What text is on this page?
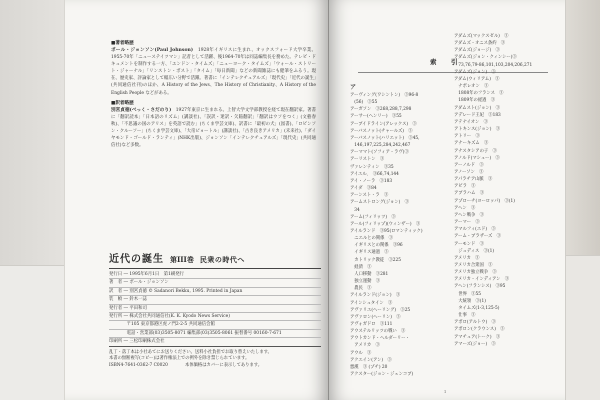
■著者略歴
ポール・ジョンソン(Paul Johnson)　 1928年イギリスに生まれ、オックスフォード大学卒業。1955-70年「ニューステイツマン」記者として活躍、後1964-70年は同誌編集長を務めた。テレビ・ドキュメントを制作する一方、「エンドン・タイムズ」「ニューヨーク・タイムズ」「ウォール・ストリート・ジャーナル」「リンストン・ポスト」「タイム」「毎日新聞」などの新聞雑誌にも健筆をふるう。現在、歴史家、評論家として幅広い分野で活躍。著書に「インテレクチュアルズ」「現代史」「近代の誕生」(共同通信社刊)のほか、A History of the Jews、The History of Christianity、A History of the English People などがある。
■訳者略歴
別宮貞徳(べっく・さだのり)　 1927年東京に生まれる。上智大学文学部教授を経て現在翻訳家。著書に「翻訳読本」「日本語のリズム」(講談社)、「誤訳・迷訳・欠陥翻訳」「翻訳はウソをつく」(文藝春秋)、「不思議の国のアリス」を英語で読む」(ちくま学芸文庫)、訳書に「最初の犬」(図書)、「ロビンソン・クルーソー」(ちくま学芸文庫)、「大帝ピョートル」(講談社)、「古き良きアメリカ」(未来社)、「ダイヤモンド・ゴールド・ランティ」(NHK出版)、ジョンソン「インテレクチュアルズ」「現代史」(共同通信社)など多数。
近代の誕生 第III巻 民衆の時代へ
発行日 ― 1995年6月1日　第1刷発行
著　者 ― ポール・ジョンソン
訳　者 ― 別宮貞徳 © Sadanori Bekku, 1995. Printed in Japan
装　幀 ― 鈴木一誌
発行者 ― 平田和司
発行所 ― 株式会社共同通信社(K. K. Kyodo News Service)
　　　　〒105 東京都港区虎ノ門2-2-5 共同通信会館
　　　　電話・営業部(03)3505-8071 編集部(03)3505-8061 振替番号 00160-7-671
印刷所 ― 三松印刷株式会社
乱丁・落丁本は小社あてにお送りください。送料小社負担でお取り替えいたします。
本書の無断複写(コピー)は著作権法上での例外を除き禁じられています。
ISBN4-7641-0362-7 C0020　　　　本体価格はカバーに表示してあります。
索　引
ア
アーヴィング(ワシントン)　③96-8
　(56)　③55
アーガソン　③268,288,7,298
アーサー(ヘンリー)　③55
アーブイドライン(アレックス)　③
アーバスノット(チャールズ)　③
アーバスノット(ハリエット)　③45,
　146,197,225,284,242,467
アーママト(ソフィア・ラヴ)③
アーリストン　③
ヴァレンティン　③35
アイエル、　③66,74,144
アイ・ノーラ　③183
アイダ　③84
アーンスト・ラ　③
アームストロング(ジョン)　③
　34
アーム(フィリッツ)　③
アール(フィリップ)(ウィンザー)　③
アイルランド　③95(ロマンティック)
　ニエルとの関係　③
　イギリスとの関係　③96
　イギリス通過　③
　カトリック教徒　③225
　経済　③
　人口移動　③281
　独立運動　③
　農民　③
アイルランド(ジョン)　③
アインシュタイン　③
アヴァリエ(ヘーリング)　③25
アヴァロン(ヘーリン)　③
アヴォガドロ　③111
アウステルリッツの戦い　③
アウトカンド・ヘルダーリー・
　アメリカ　③
アウル　③
アクエイン(アン)　③
悪漢　③ (プチ) 20
アクスター(ジョン・ジェンコブ)
アダムズ(マックスゼル)　③
アダムズ・オニス条約　③
アダムズ(ジョージ)　③
アダムズ(ジョン・クィンシー)③
　73,76,79-86,101,103,204,206,271
アダムズ(ジョン)　③
アダム(ウィリアム)　③
　ナポレオン　③
　1808年のフランス　③
　1809年の経過　③
アダムスト(ジョン)　③
アデレード王妃　③183
アテナイオン　③
アトキンス(ジョン)　③
アトリー　③
アナーキズム　③
アナスタシアの子　③
アノルド(マシュー)　③
アーノルド　③
アノーソン　③
アパラチア山脈　③
アビラ　③
アブラハム　③
アプローチ(ヨーロッパ)　③(1)
アヘン　③
アヘン戦争　③
アーマー　③
アマルフィ(エド)　③
アーム・ブラザーズ　③
アーモンド　③
　ジュディス　③(1)
アメリカ　③
アメリカ合衆国　③
アメリカ独立戦争　③
アメリカ・インディアン　③
アヘン(フランシス)　③95
　世界　③55
　大統領　③(1)
　タイムズ(1-3,125-5)
　仕事　③
アポロ(アルトウ)　③
アポロン(クラウンス)　③
アマチュア(トーク)　③
アマーズ(ジョー)　③
1
